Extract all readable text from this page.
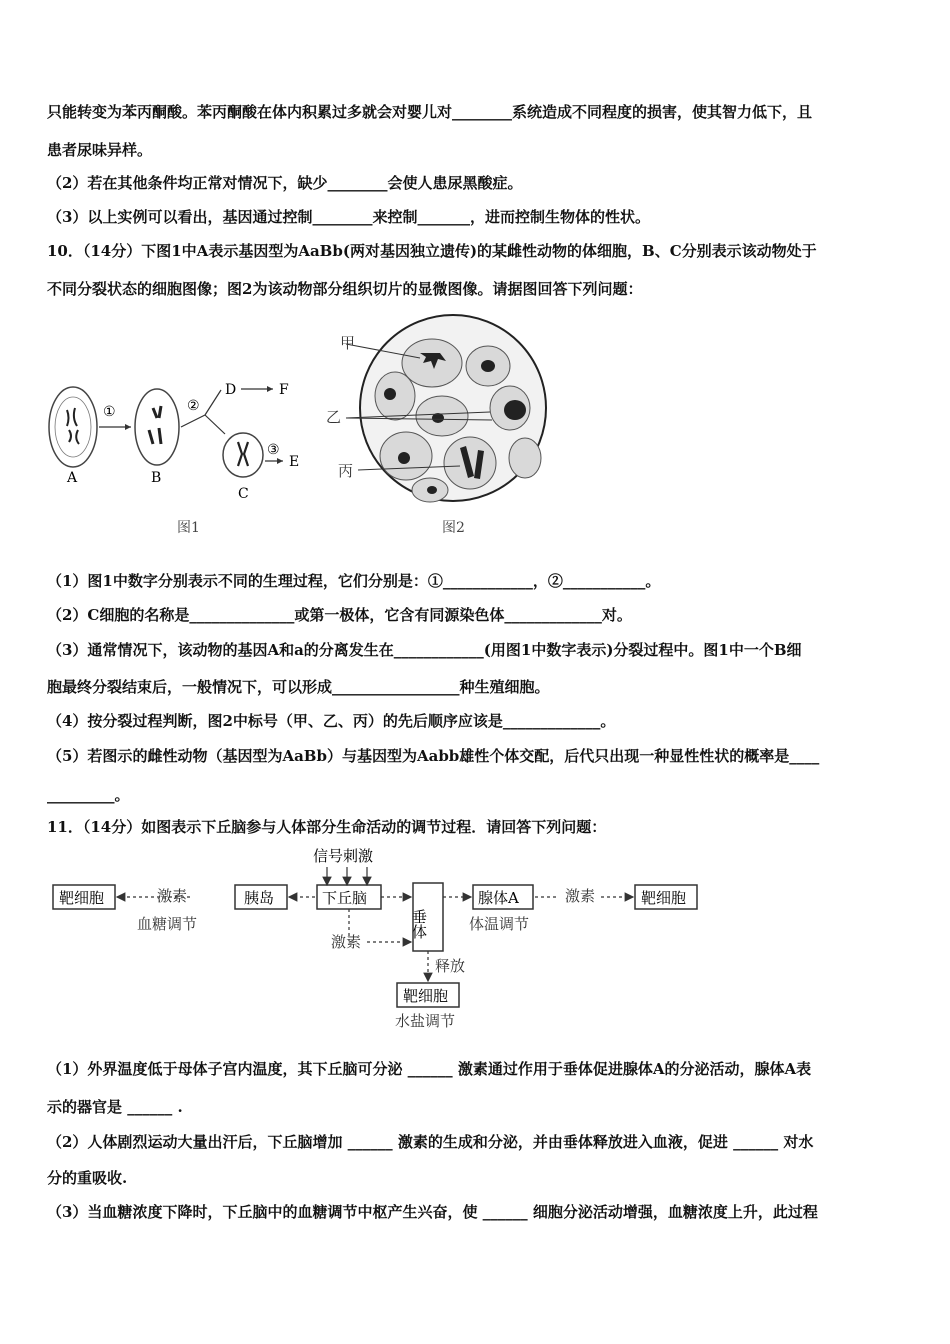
只能转变为苯丙酮酸。苯丙酮酸在体内积累过多就会对婴儿对________系统造成不同程度的损害，使其智力低下，且
患者尿味异样。
（2）若在其他条件均正常对情况下，缺少________会使人患尿黑酸症。
（3）以上实例可以看出，基因通过控制________来控制_______，进而控制生物体的性状。
10．（14分）下图1中A表示基因型为AaBb(两对基因独立遗传)的某雌性动物的体细胞，B、C分别表示该动物处于
不同分裂状态的细胞图像；图2为该动物部分组织切片的显微图像。请据图回答下列问题：
A
①
B
②
D	F
③
E
C
图1
甲
乙
丙
图2
（1）图1中数字分别表示不同的生理过程，它们分别是：①____________，②___________。
（2）C细胞的名称是______________或第一极体，它含有同源染色体_____________对。
（3）通常情况下，该动物的基因A和a的分离发生在____________(用图1中数字表示)分裂过程中。图1中一个B细
胞最终分裂结束后，一般情况下，可以形成_________________种生殖细胞。
（4）按分裂过程判断，图2中标号（甲、乙、丙）的先后顺序应该是_____________。
（5）若图示的雌性动物（基因型为AaBb）与基因型为Aabb雄性个体交配，后代只出现一种显性性状的概率是____
_________。
11．（14分）如图表示下丘脑参与人体部分生命活动的调节过程．请回答下列问题：
信号刺激
靶细胞	激素	胰岛	下丘脑
垂体
腺体A	激素	靶细胞
血糖调节	体温调节
激素
释放
靶细胞
水盐调节
（1）外界温度低于母体子宫内温度，其下丘脑可分泌 ______ 激素通过作用于垂体促进腺体A的分泌活动，腺体A表
示的器官是 ______ .
（2）人体剧烈运动大量出汗后，下丘脑增加 ______ 激素的生成和分泌，并由垂体释放进入血液，促进 ______ 对水
分的重吸收.
（3）当血糖浓度下降时，下丘脑中的血糖调节中枢产生兴奋，使 ______ 细胞分泌活动增强，血糖浓度上升，此过程
